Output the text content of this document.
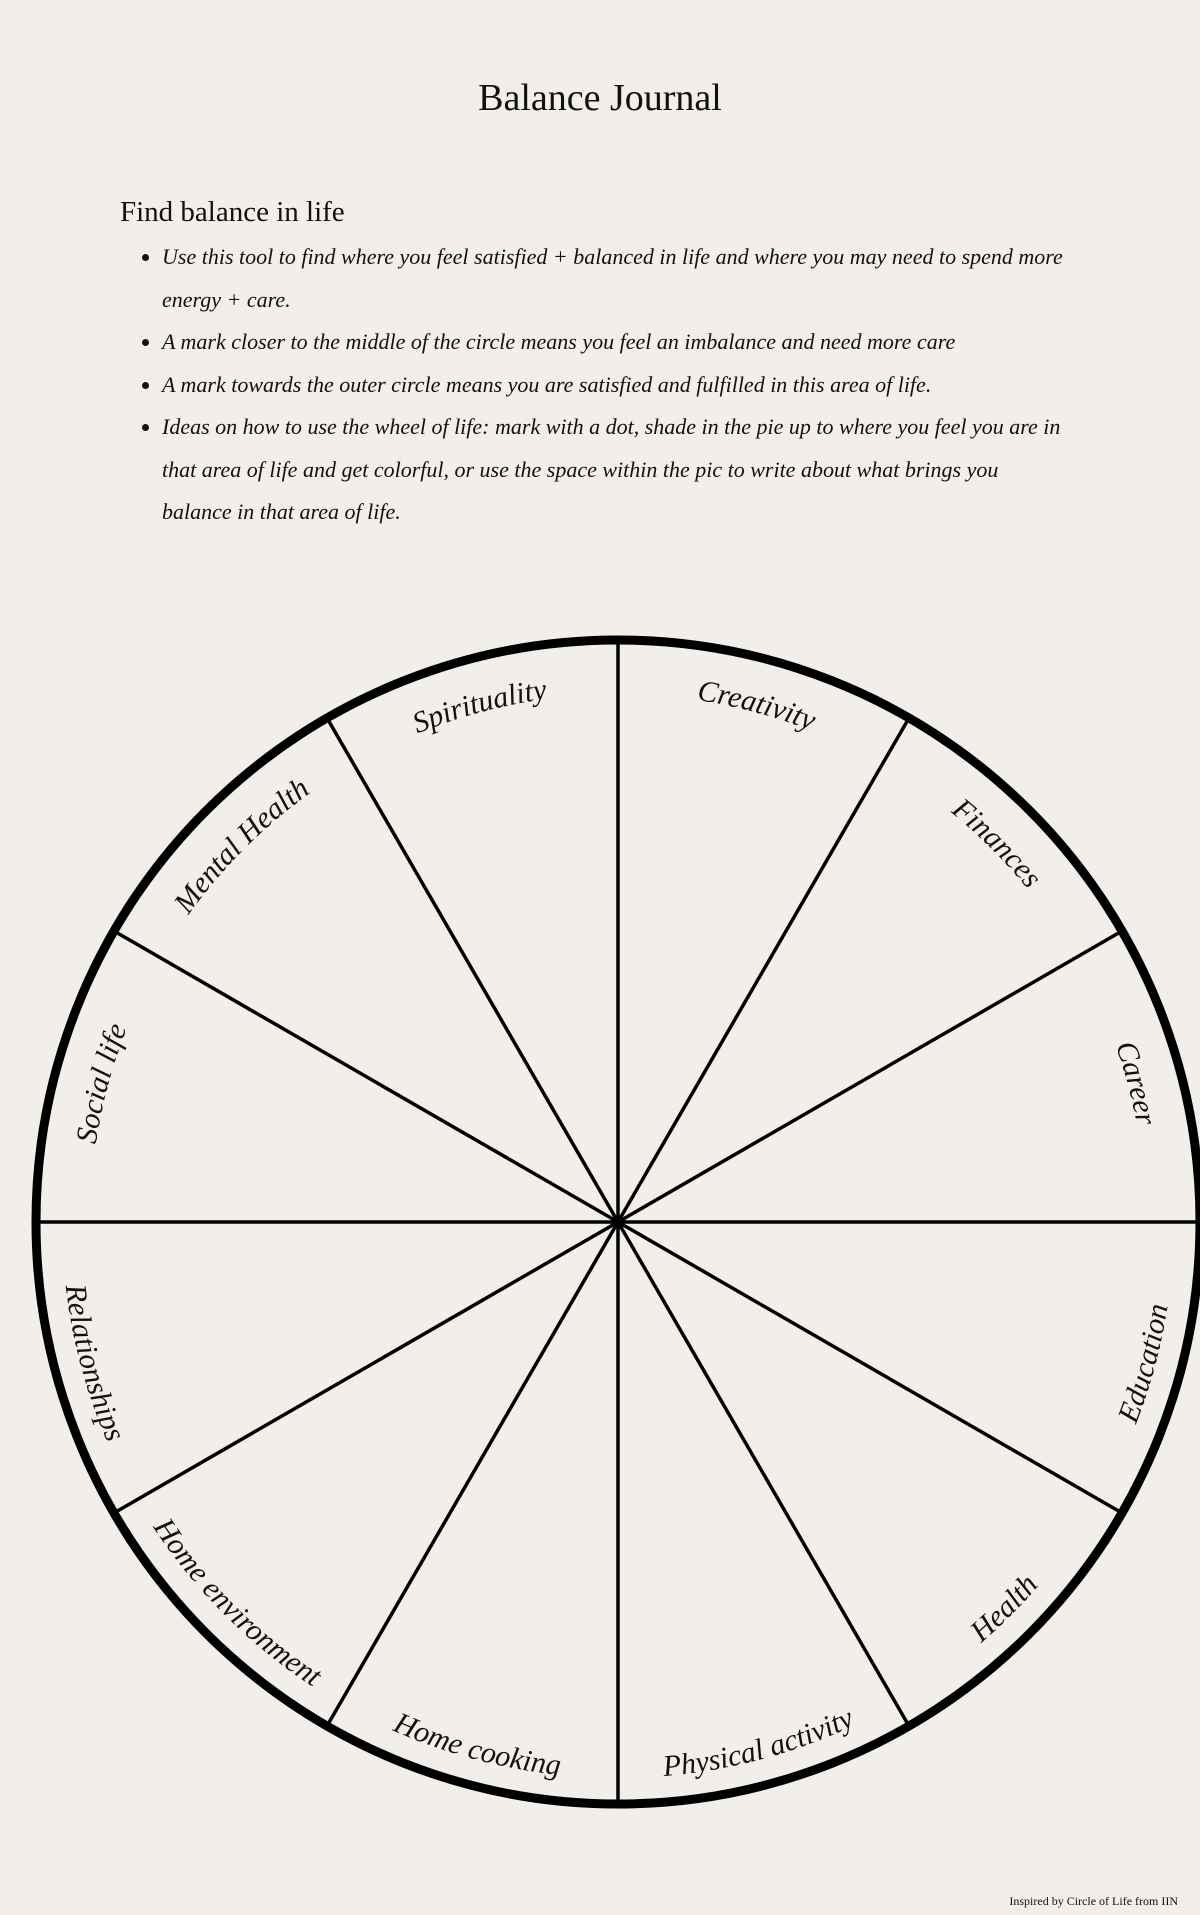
Balance Journal
Find balance in life
• Use this tool to find where you feel satisfied + balanced in life and where you may need to spend more energy + care.
• A mark closer to the middle of the circle means you feel an imbalance and need more care
• A mark towards the outer circle means you are satisfied and fulfilled in this area of life.
• Ideas on how to use the wheel of life: mark with a dot, shade in the pie up to where you feel you are in that area of life and get colorful, or use the space within the pic to write about what brings you balance in that area of life.
Creativity
Finances
Career
Education
Health
Physical activity
Home cooking
Home environment
Relationships
Social life
Mental Health
Spirituality
Inspired by Circle of Life from IIN
